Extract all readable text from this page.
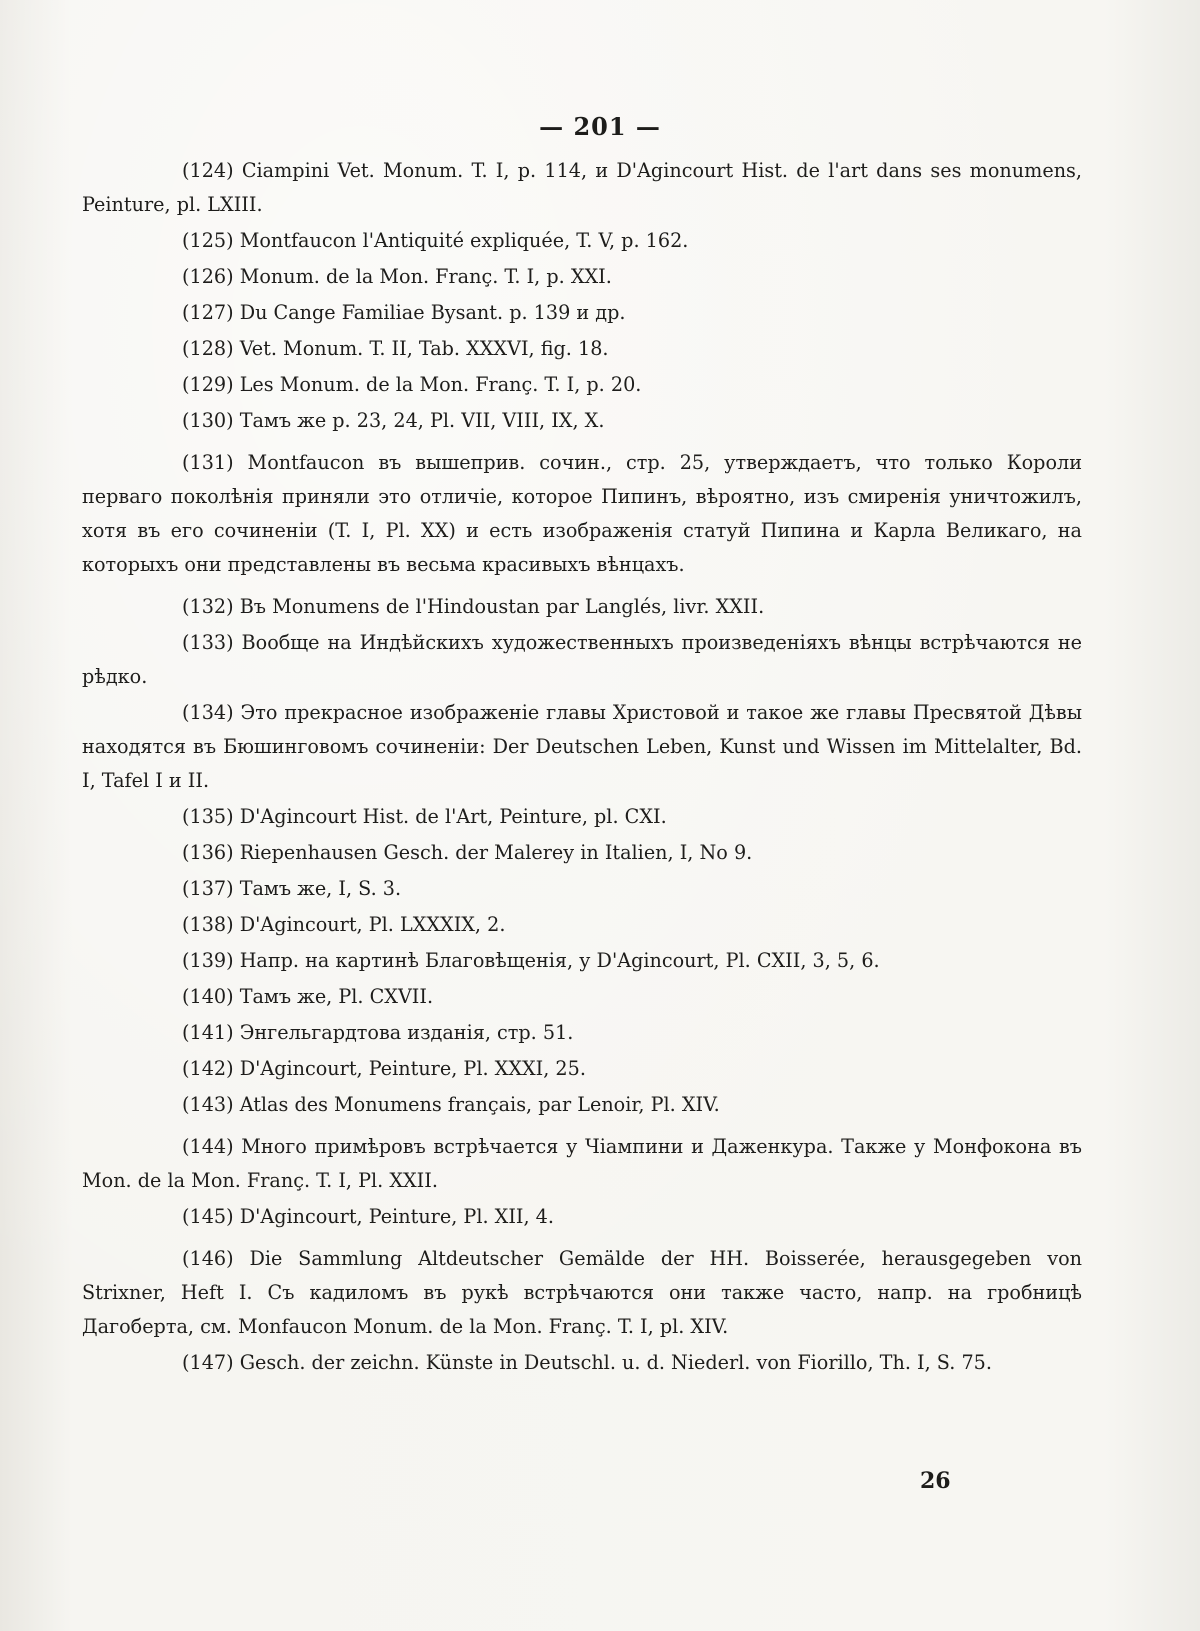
— 201 —

(124) Ciampini Vet. Monum. T. I, p. 114, и D'Agincourt Hist. de l'art dans ses monumens, Peinture, pl. LXIII.

(125) Montfaucon l'Antiquité expliquée, T. V, p. 162.

(126) Monum. de la Mon. Franç. T. I, p. XXI.

(127) Du Cange Familiae Bysant. p. 139 и др.

(128) Vet. Monum. T. II, Tab. XXXVI, fig. 18.

(129) Les Monum. de la Mon. Franç. T. I, p. 20.

(130) Тамъ же p. 23, 24, Pl. VII, VIII, IX, X.

(131) Montfaucon въ вышеприв. сочин., стр. 25, утверждаетъ, что только Короли перваго поколѣнія приняли это отличіе, которое Пипинъ, вѣроятно, изъ смиренія уничтожилъ, хотя въ его сочиненіи (T. I, Pl. XX) и есть изображенія статуй Пипина и Карла Великаго, на которыхъ они представлены въ весьма красивыхъ вѣнцахъ.

(132) Въ Monumens de l'Hindoustan par Langlés, livr. XXII.

(133) Вообще на Индѣйскихъ художественныхъ произведеніяхъ вѣнцы встрѣчаются не рѣдко.

(134) Это прекрасное изображеніе главы Христовой и такое же главы Пресвятой Дѣвы находятся въ Бюшинговомъ сочиненіи: Der Deutschen Leben, Kunst und Wissen im Mittelalter, Bd. I, Tafel I и II.

(135) D'Agincourt Hist. de l'Art, Peinture, pl. CXI.

(136) Riepenhausen Gesch. der Malerey in Italien, I, No 9.

(137) Тамъ же, I, S. 3.

(138) D'Agincourt, Pl. LXXXIX, 2.

(139) Напр. на картинѣ Благовѣщенія, у D'Agincourt, Pl. CXII, 3, 5, 6.

(140) Тамъ же, Pl. CXVII.

(141) Энгельгардтова изданія, стр. 51.

(142) D'Agincourt, Peinture, Pl. XXXI, 25.

(143) Atlas des Monumens français, par Lenoir, Pl. XIV.

(144) Много примѣровъ встрѣчается у Чіампини и Даженкура. Также у Монфокона въ Mon. de la Mon. Franç. T. I, Pl. XXII.

(145) D'Agincourt, Peinture, Pl. XII, 4.

(146) Die Sammlung Altdeutscher Gemälde der HH. Boisserée, herausgegeben von Strixner, Heft I. Съ кадиломъ въ рукѣ встрѣчаются они также часто, напр. на гробницѣ Дагоберта, см. Monfaucon Monum. de la Mon. Franç. T. I, pl. XIV.

(147) Gesch. der zeichn. Künste in Deutschl. u. d. Niederl. von Fiorillo, Th. I, S. 75.

26
